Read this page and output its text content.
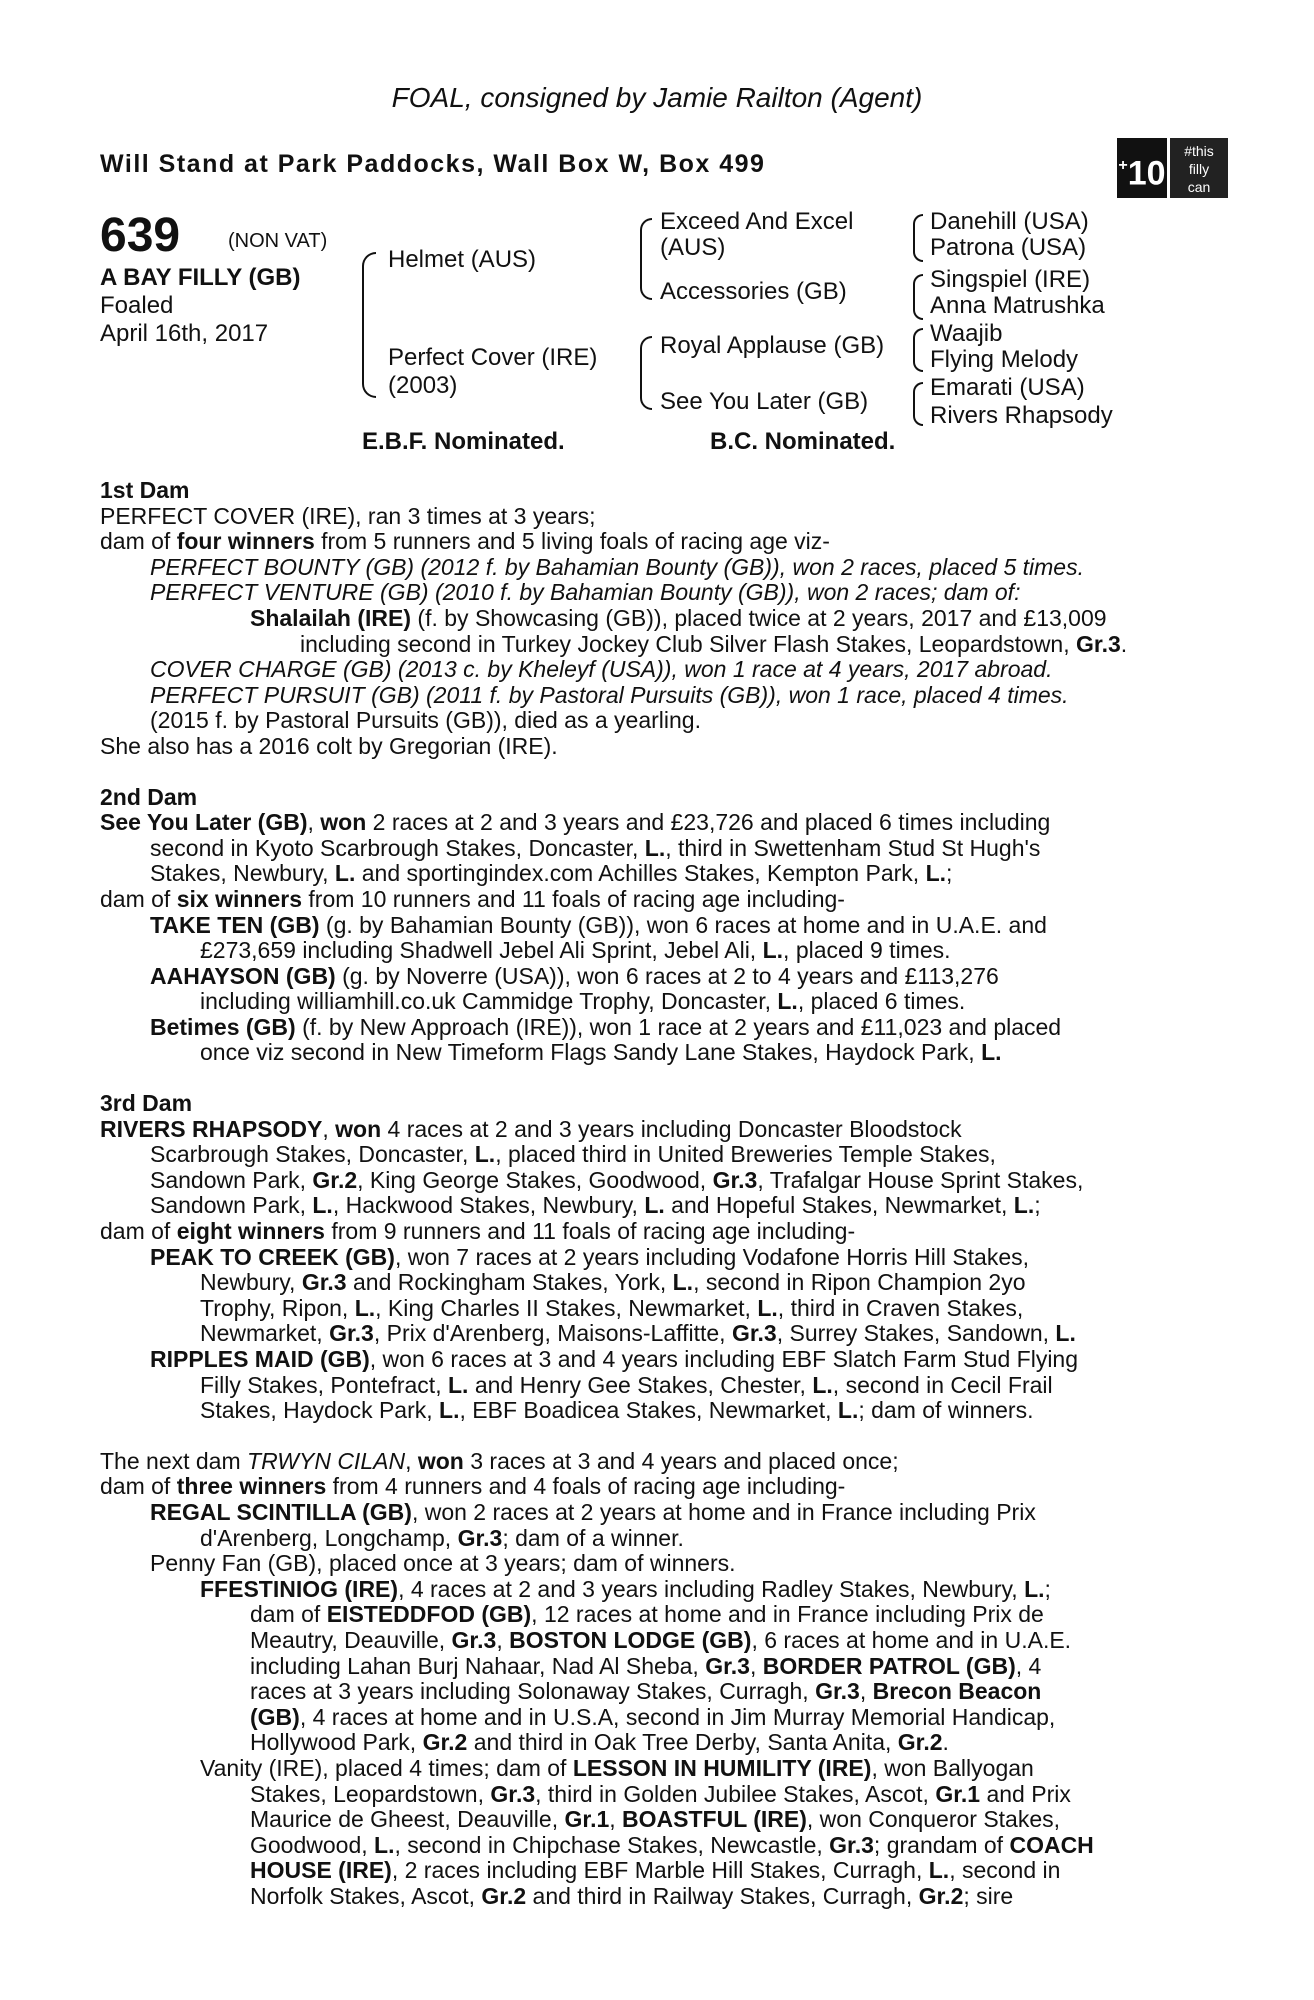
FOAL, consigned by Jamie Railton (Agent)
Will Stand at Park Paddocks, Wall Box W, Box 499	+10
#this
filly
can
639 (NON VAT)
A BAY FILLY (GB)
Foaled
April 16th, 2017
Helmet (AUS)
Perfect Cover (IRE)
(2003)
Exceed And Excel
(AUS)
Accessories (GB)
Royal Applause (GB)
See You Later (GB)
Danehill (USA)
Patrona (USA)
Singspiel (IRE)
Anna Matrushka
Waajib
Flying Melody
Emarati (USA)
Rivers Rhapsody
E.B.F. Nominated.	B.C. Nominated.

1st Dam

PERFECT COVER (IRE), ran 3 times at 3 years;

dam of four winners from 5 runners and 5 living foals of racing age viz-

PERFECT BOUNTY (GB) (2012 f. by Bahamian Bounty (GB)), won 2 races, placed 5 times.

PERFECT VENTURE (GB) (2010 f. by Bahamian Bounty (GB)), won 2 races; dam of:

Shalailah (IRE) (f. by Showcasing (GB)), placed twice at 2 years, 2017 and £13,009

including second in Turkey Jockey Club Silver Flash Stakes, Leopardstown, Gr.3.

COVER CHARGE (GB) (2013 c. by Kheleyf (USA)), won 1 race at 4 years, 2017 abroad.

PERFECT PURSUIT (GB) (2011 f. by Pastoral Pursuits (GB)), won 1 race, placed 4 times.

(2015 f. by Pastoral Pursuits (GB)), died as a yearling.

She also has a 2016 colt by Gregorian (IRE).

2nd Dam

See You Later (GB), won 2 races at 2 and 3 years and £23,726 and placed 6 times including

second in Kyoto Scarbrough Stakes, Doncaster, L., third in Swettenham Stud St Hugh's

Stakes, Newbury, L. and sportingindex.com Achilles Stakes, Kempton Park, L.;

dam of six winners from 10 runners and 11 foals of racing age including-

TAKE TEN (GB) (g. by Bahamian Bounty (GB)), won 6 races at home and in U.A.E. and

£273,659 including Shadwell Jebel Ali Sprint, Jebel Ali, L., placed 9 times.

AAHAYSON (GB) (g. by Noverre (USA)), won 6 races at 2 to 4 years and £113,276

including williamhill.co.uk Cammidge Trophy, Doncaster, L., placed 6 times.

Betimes (GB) (f. by New Approach (IRE)), won 1 race at 2 years and £11,023 and placed

once viz second in New Timeform Flags Sandy Lane Stakes, Haydock Park, L.

3rd Dam

RIVERS RHAPSODY, won 4 races at 2 and 3 years including Doncaster Bloodstock

Scarbrough Stakes, Doncaster, L., placed third in United Breweries Temple Stakes,

Sandown Park, Gr.2, King George Stakes, Goodwood, Gr.3, Trafalgar House Sprint Stakes,

Sandown Park, L., Hackwood Stakes, Newbury, L. and Hopeful Stakes, Newmarket, L.;

dam of eight winners from 9 runners and 11 foals of racing age including-

PEAK TO CREEK (GB), won 7 races at 2 years including Vodafone Horris Hill Stakes,

Newbury, Gr.3 and Rockingham Stakes, York, L., second in Ripon Champion 2yo

Trophy, Ripon, L., King Charles II Stakes, Newmarket, L., third in Craven Stakes,

Newmarket, Gr.3, Prix d'Arenberg, Maisons-Laffitte, Gr.3, Surrey Stakes, Sandown, L.

RIPPLES MAID (GB), won 6 races at 3 and 4 years including EBF Slatch Farm Stud Flying

Filly Stakes, Pontefract, L. and Henry Gee Stakes, Chester, L., second in Cecil Frail

Stakes, Haydock Park, L., EBF Boadicea Stakes, Newmarket, L.; dam of winners.

The next dam TRWYN CILAN, won 3 races at 3 and 4 years and placed once;

dam of three winners from 4 runners and 4 foals of racing age including-

REGAL SCINTILLA (GB), won 2 races at 2 years at home and in France including Prix

d'Arenberg, Longchamp, Gr.3; dam of a winner.

Penny Fan (GB), placed once at 3 years; dam of winners.

FFESTINIOG (IRE), 4 races at 2 and 3 years including Radley Stakes, Newbury, L.;

dam of EISTEDDFOD (GB), 12 races at home and in France including Prix de

Meautry, Deauville, Gr.3, BOSTON LODGE (GB), 6 races at home and in U.A.E.

including Lahan Burj Nahaar, Nad Al Sheba, Gr.3, BORDER PATROL (GB), 4

races at 3 years including Solonaway Stakes, Curragh, Gr.3, Brecon Beacon

(GB), 4 races at home and in U.S.A, second in Jim Murray Memorial Handicap,

Hollywood Park, Gr.2 and third in Oak Tree Derby, Santa Anita, Gr.2.

Vanity (IRE), placed 4 times; dam of LESSON IN HUMILITY (IRE), won Ballyogan

Stakes, Leopardstown, Gr.3, third in Golden Jubilee Stakes, Ascot, Gr.1 and Prix

Maurice de Gheest, Deauville, Gr.1, BOASTFUL (IRE), won Conqueror Stakes,

Goodwood, L., second in Chipchase Stakes, Newcastle, Gr.3; grandam of COACH

HOUSE (IRE), 2 races including EBF Marble Hill Stakes, Curragh, L., second in

Norfolk Stakes, Ascot, Gr.2 and third in Railway Stakes, Curragh, Gr.2; sire
